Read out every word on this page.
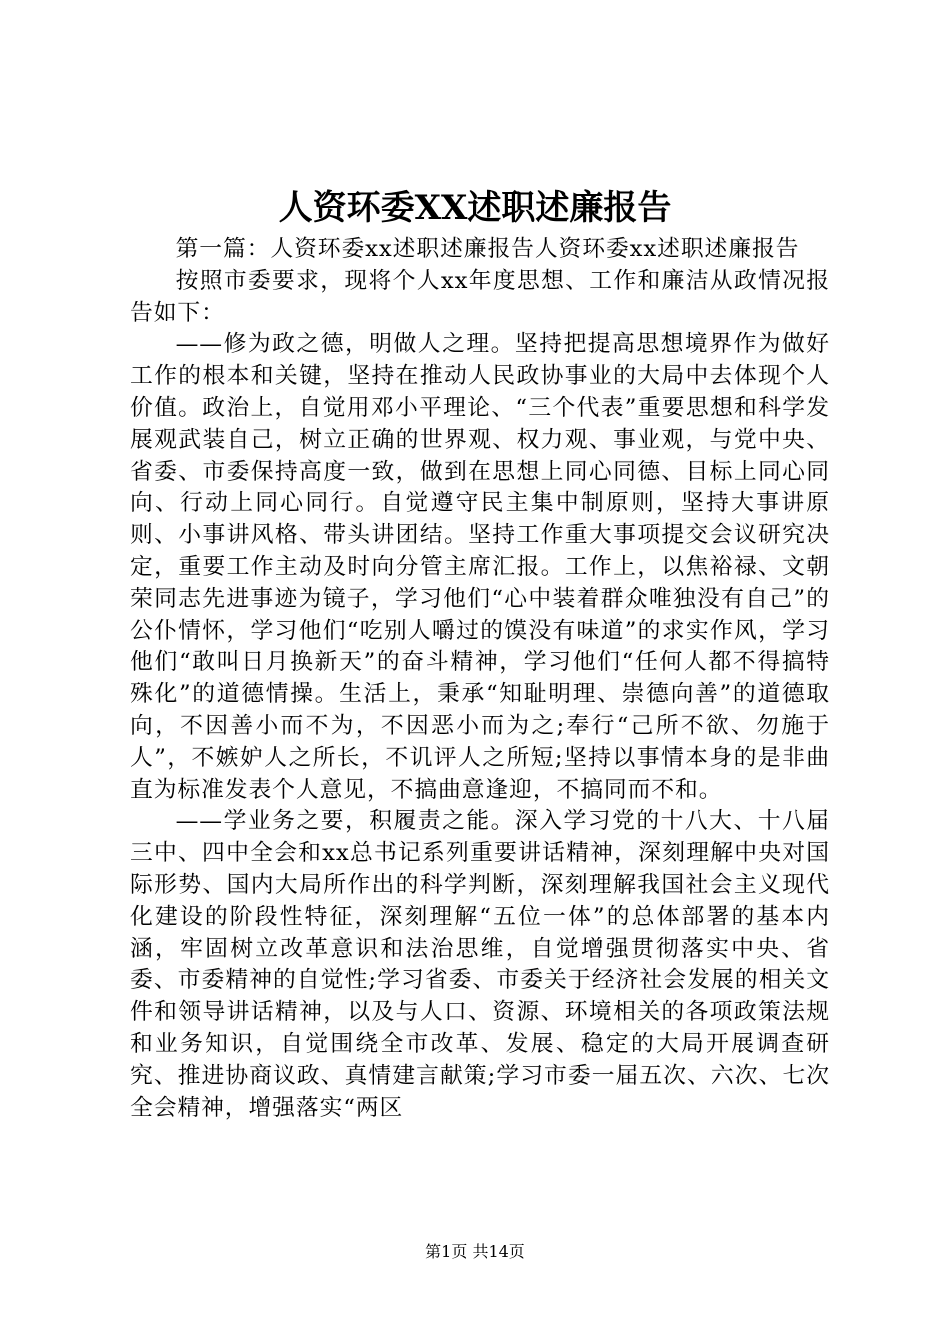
人资环委XX述职述廉报告

第一篇：人资环委xx述职述廉报告人资环委xx述职述廉报告

按照市委要求，现将个人xx年度思想、工作和廉洁从政情况报告如下：

——修为政之德，明做人之理。坚持把提高思想境界作为做好工作的根本和关键，坚持在推动人民政协事业的大局中去体现个人价值。政治上，自觉用邓小平理论、“三个代表”重要思想和科学发展观武装自己，树立正确的世界观、权力观、事业观，与党中央、省委、市委保持高度一致，做到在思想上同心同德、目标上同心同向、行动上同心同行。自觉遵守民主集中制原则，坚持大事讲原则、小事讲风格、带头讲团结。坚持工作重大事项提交会议研究决定，重要工作主动及时向分管主席汇报。工作上，以焦裕禄、文朝荣同志先进事迹为镜子，学习他们“心中装着群众唯独没有自己”的公仆情怀，学习他们“吃别人嚼过的馍没有味道”的求实作风，学习他们“敢叫日月换新天”的奋斗精神，学习他们“任何人都不得搞特殊化”的道德情操。生活上，秉承“知耻明理、崇德向善”的道德取向，不因善小而不为，不因恶小而为之;奉行“己所不欲、勿施于人”，不嫉妒人之所长，不讥评人之所短;坚持以事情本身的是非曲直为标准发表个人意见，不搞曲意逢迎，不搞同而不和。

——学业务之要，积履责之能。深入学习党的十八大、十八届三中、四中全会和xx总书记系列重要讲话精神，深刻理解中央对国际形势、国内大局所作出的科学判断，深刻理解我国社会主义现代化建设的阶段性特征，深刻理解“五位一体”的总体部署的基本内涵，牢固树立改革意识和法治思维，自觉增强贯彻落实中央、省委、市委精神的自觉性;学习省委、市委关于经济社会发展的相关文件和领导讲话精神，以及与人口、资源、环境相关的各项政策法规和业务知识，自觉围绕全市改革、发展、稳定的大局开展调查研究、推进协商议政、真情建言献策;学习市委一届五次、六次、七次全会精神，增强落实“两区

第1页 共14页
